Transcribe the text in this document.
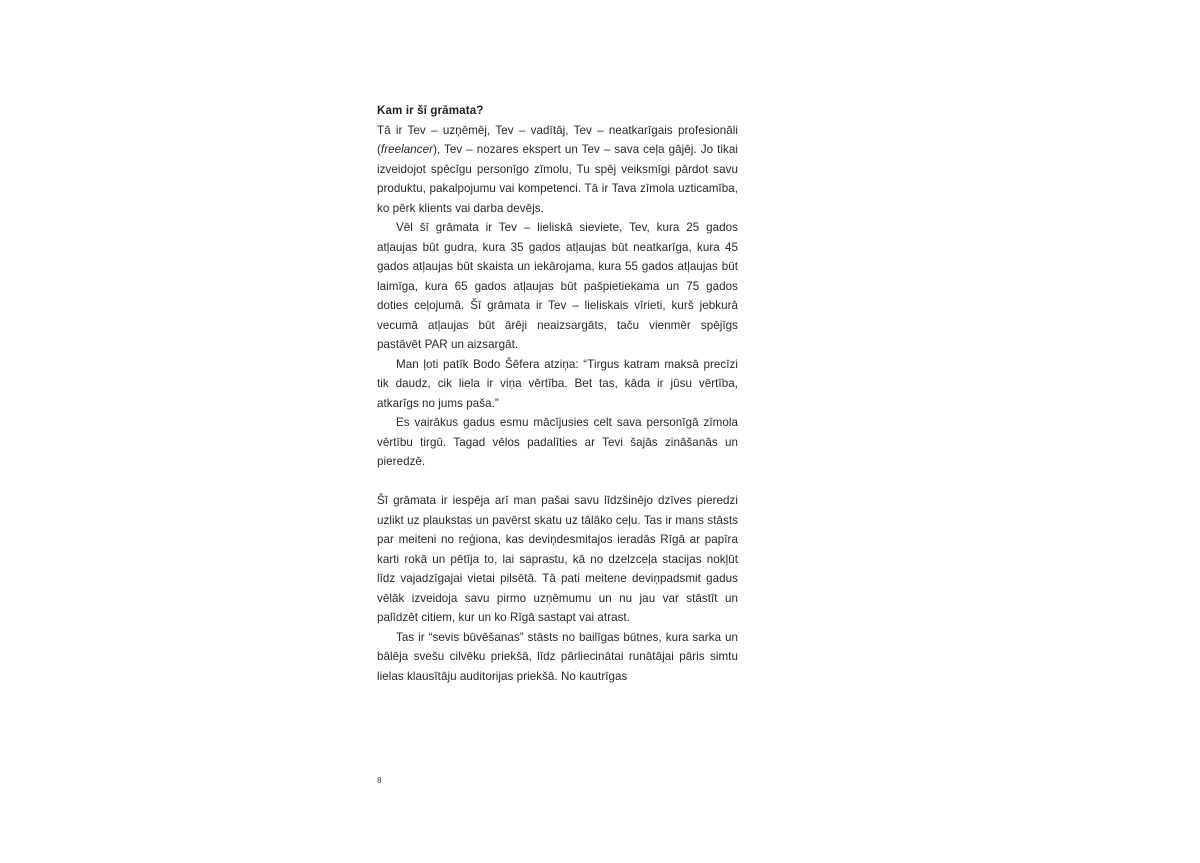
Kam ir šī grāmata?

Tā ir Tev – uzņēmēj, Tev – vadītāj, Tev – neatkarīgais profesionāli (freelancer), Tev – nozares ekspert un Tev – sava ceļa gājēj. Jo tikai izveidojot spēcīgu personīgo zīmolu, Tu spēj veiksmīgi pārdot savu produktu, pakalpojumu vai kompetenci. Tā ir Tava zīmola uzticamība, ko pērk klients vai darba devējs.

Vēl šī grāmata ir Tev – lieliskā sieviete, Tev, kura 25 gados atļaujas būt gudra, kura 35 gados atļaujas būt neatkarīga, kura 45 gados atļaujas būt skaista un iekārojama, kura 55 gados atļaujas būt laimīga, kura 65 gados atļaujas būt pašpietiekama un 75 gados doties ceļojumā. Šī grāmata ir Tev – lieliskais vīrieti, kurš jebkurā vecumā atļaujas būt ārēji neaizsargāts, taču vienmēr spējīgs pastāvēt PAR un aizsargāt.

Man ļoti patīk Bodo Šēfera atziņa: “Tirgus katram maksā precīzi tik daudz, cik liela ir viņa vērtība. Bet tas, kāda ir jūsu vērtība, atkarīgs no jums paša.”

Es vairākus gadus esmu mācījusies celt sava personīgā zīmola vērtību tirgū. Tagad vēlos padalīties ar Tevi šajās zināšanās un pieredzē.

Šī grāmata ir iespēja arī man pašai savu līdzšinējo dzīves pieredzi uzlikt uz plaukstas un pavērst skatu uz tālāko ceļu. Tas ir mans stāsts par meiteni no reģiona, kas deviņdesmitajos ieradās Rīgā ar papīra karti rokā un pētīja to, lai saprastu, kā no dzelzceļa stacijas nokļūt līdz vajadzīgajai vietai pilsētā. Tā pati meitene deviņpadsmit gadus vēlāk izveidoja savu pirmo uzņēmumu un nu jau var stāstīt un palīdzēt citiem, kur un ko Rīgā sastapt vai atrast.

Tas ir “sevis būvēšanas” stāsts no bailīgas būtnes, kura sarka un bālēja svešu cilvēku priekšā, līdz pārliecinātai runātājai pāris simtu lielas klausītāju auditorijas priekšā. No kautrīgas

8
